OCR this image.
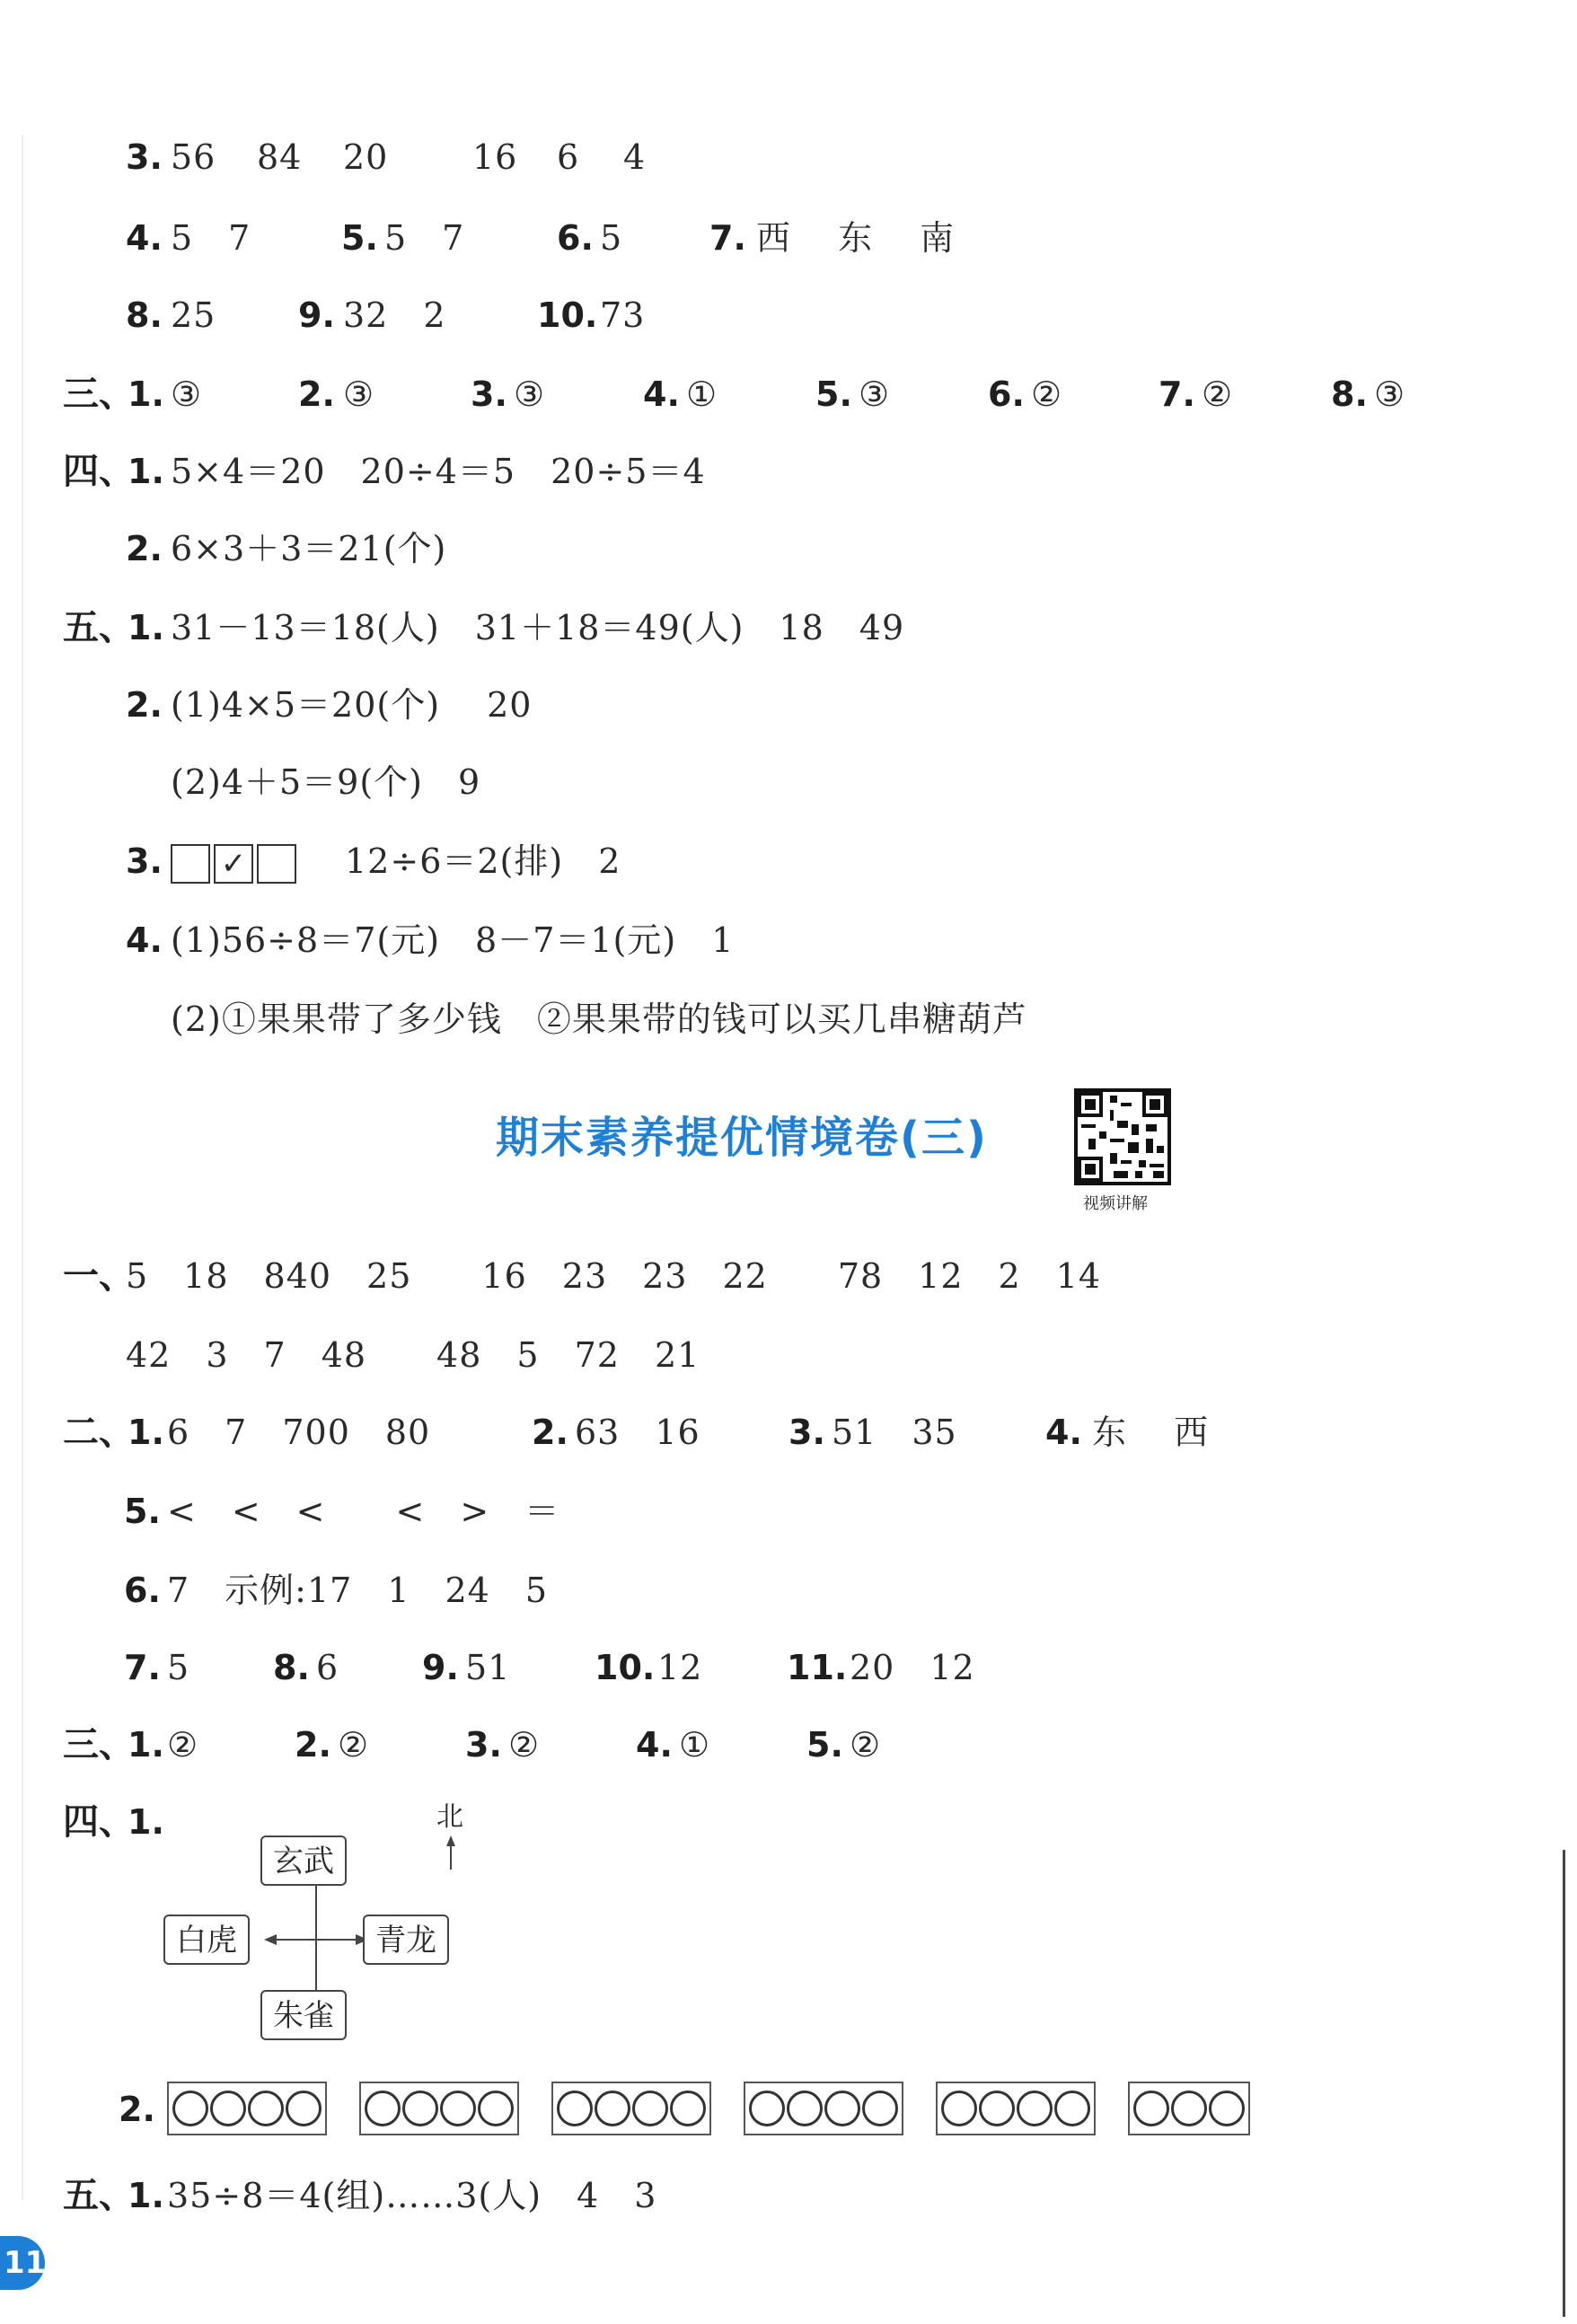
3. 56 84 20 16 6 4
4. 5　7	5. 5　7	6. 5	7. 西　 东　 南
8. 25 9. 32　2	10. 73
三、
1. ③	2. ③	3. ③	4. ①	5. ③	6. ②	7. ②	8. ③
四、
1. 5×4＝20　20÷4＝5　20÷5＝4
2. 6×3＋3＝21(个)
五、
1. 31－13＝18(人)　31＋18＝49(人)　18　49
2. (1)4×5＝20(个)　 20
(2)4＋5＝9(个)　9
3.	✓	12÷6＝2(排)　2
4. (1)56÷8＝7(元)　8－7＝1(元)　1
(2)①果果带了多少钱　②果果带的钱可以买几串糖葫芦
期末素养提优情境卷(三)
视频讲解
一、
5　18　840　25　　16　23　23　22　　78　12　2　14
42　3　7　48　　48　5　72　21
二、
1. 6　7　700　80	2. 63　16	3. 51　35	4. 东　 西
5. <　<　<　　<　>　＝
6. 7　示例:17　1　24　5
7. 5 8. 6 9. 51 10. 12 11. 20　12
三、
1. ②	2. ②	3. ②	4. ①	5. ②
四、
1.
玄武
白虎	青龙
朱雀
北
2.
五、
1. 35÷8＝4(组)……3(人)　4　3
11
